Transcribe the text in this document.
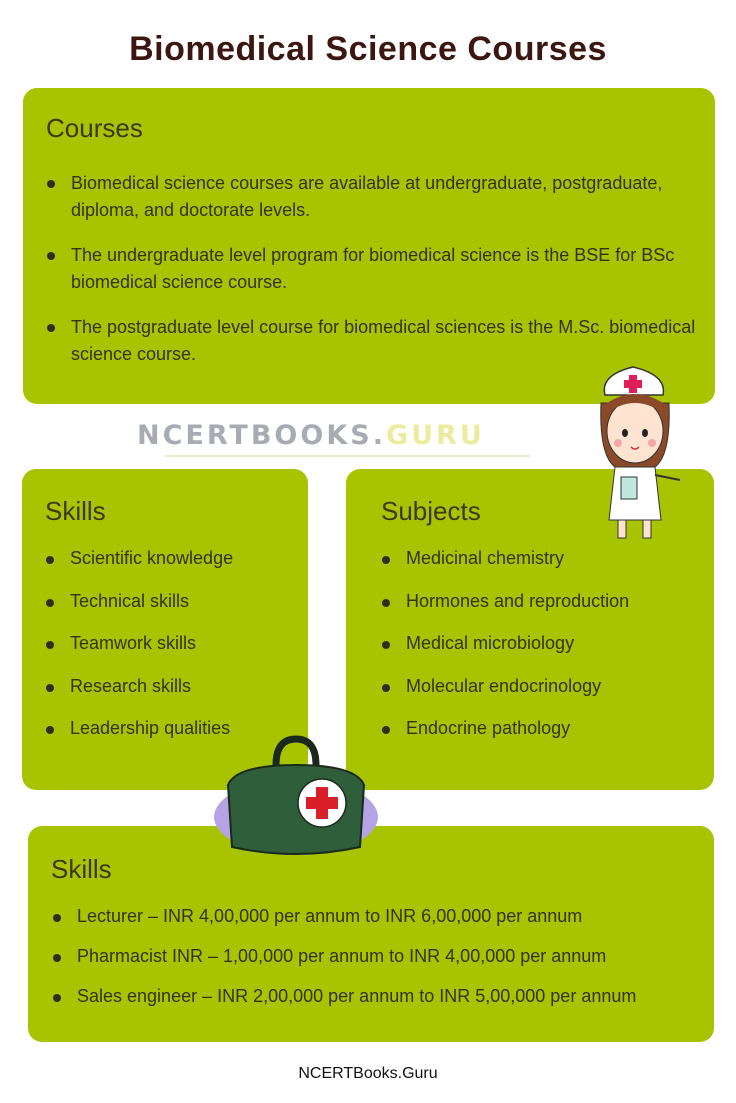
Biomedical Science Courses
Courses
Biomedical science courses are available at undergraduate, postgraduate, diploma, and doctorate levels.
The undergraduate level program for biomedical science is the BSE for BSc biomedical science course.
The postgraduate level course for biomedical sciences is the M.Sc. biomedical science course.
NCERTBOOKS.GURU
Skills
Scientific knowledge
Technical skills
Teamwork skills
Research skills
Leadership qualities
Subjects
Medicinal chemistry
Hormones and reproduction
Medical microbiology
Molecular endocrinology
Endocrine pathology
Skills
Lecturer – INR 4,00,000 per annum to INR 6,00,000 per annum
Pharmacist INR – 1,00,000 per annum to INR 4,00,000 per annum
Sales engineer – INR 2,00,000 per annum to INR 5,00,000 per annum
NCERTBooks.Guru
